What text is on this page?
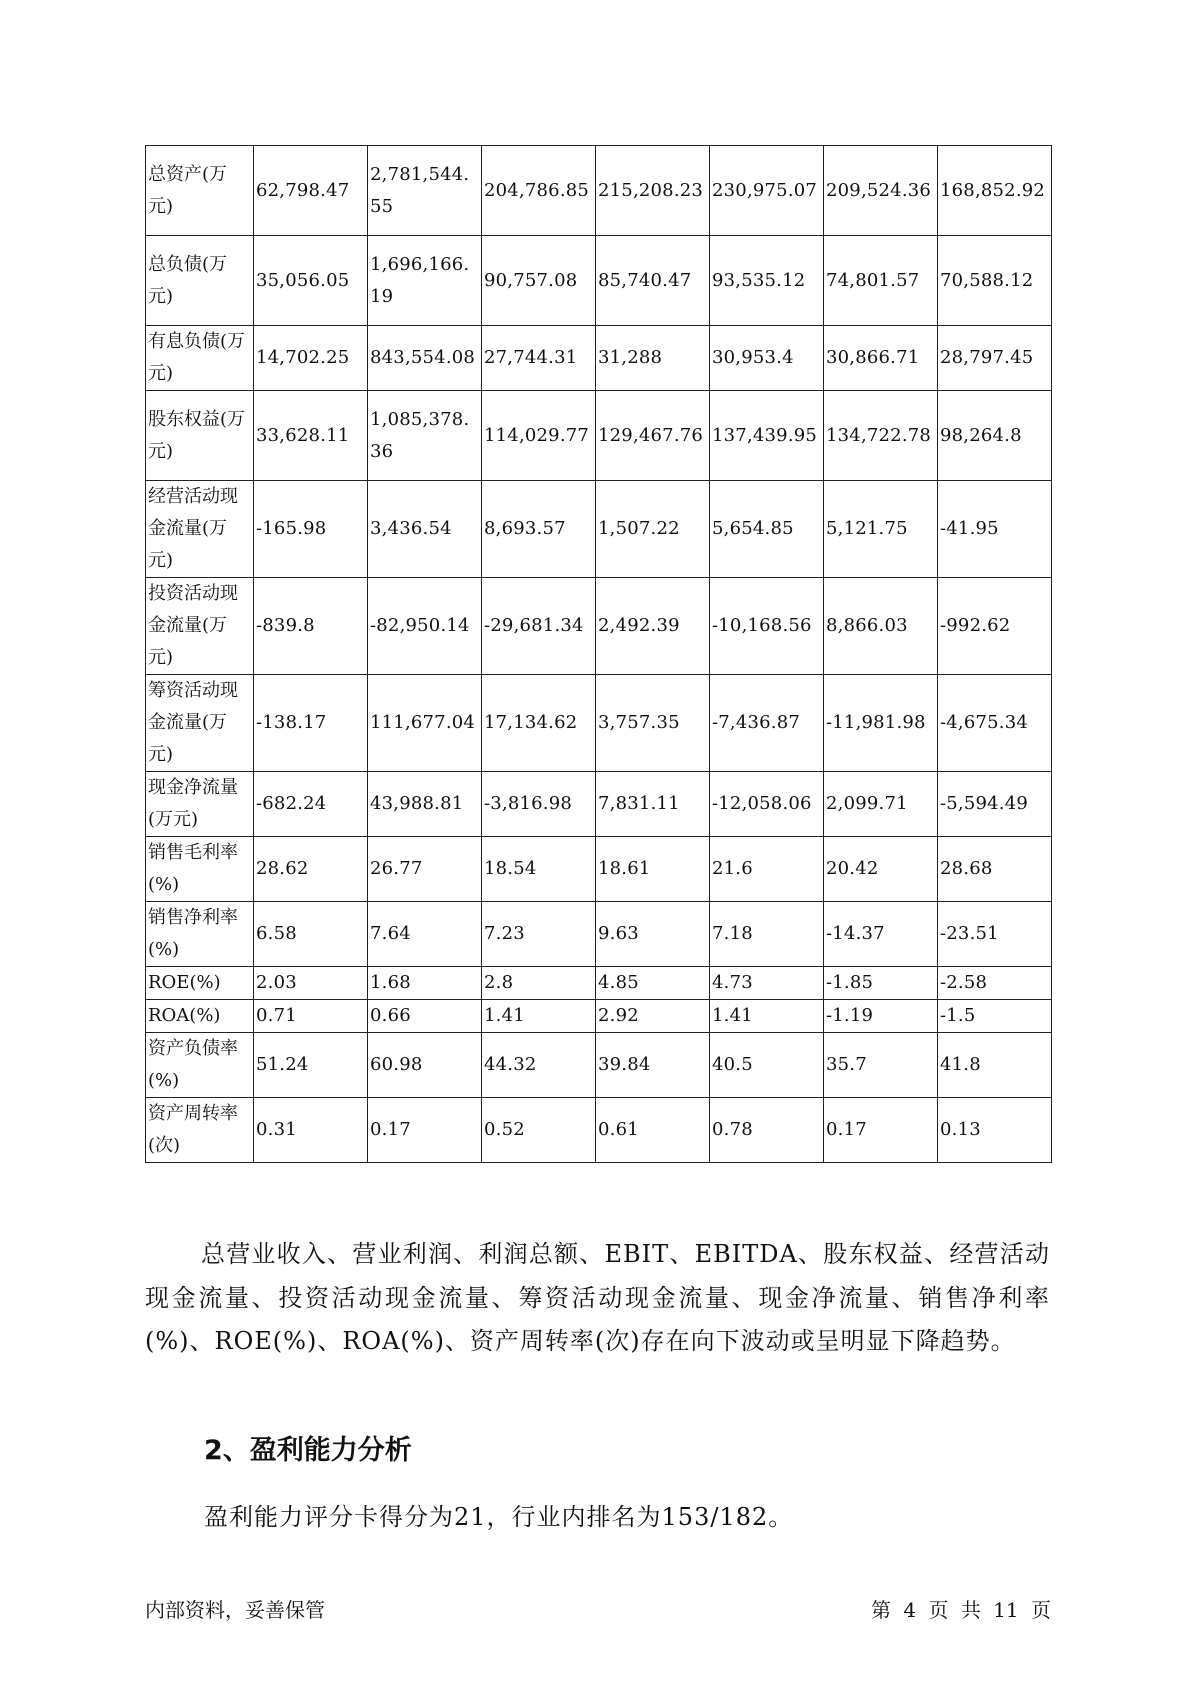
总资产(万元)	62,798.47	2,781,544.55	204,786.85	215,208.23	230,975.07	209,524.36	168,852.92
总负债(万元)	35,056.05	1,696,166.19	90,757.08	85,740.47	93,535.12	74,801.57	70,588.12
有息负债(万元)	14,702.25	843,554.08	27,744.31	31,288	30,953.4	30,866.71	28,797.45
股东权益(万元)	33,628.11	1,085,378.36	114,029.77	129,467.76	137,439.95	134,722.78	98,264.8
经营活动现金流量(万元)	-165.98	3,436.54	8,693.57	1,507.22	5,654.85	5,121.75	-41.95
投资活动现金流量(万元)	-839.8	-82,950.14	-29,681.34	2,492.39	-10,168.56	8,866.03	-992.62
筹资活动现金流量(万元)	-138.17	111,677.04	17,134.62	3,757.35	-7,436.87	-11,981.98	-4,675.34
现金净流量(万元)	-682.24	43,988.81	-3,816.98	7,831.11	-12,058.06	2,099.71	-5,594.49
销售毛利率(%)	28.62	26.77	18.54	18.61	21.6	20.42	28.68
销售净利率(%)	6.58	7.64	7.23	9.63	7.18	-14.37	-23.51
ROE(%)	2.03	1.68	2.8	4.85	4.73	-1.85	-2.58
ROA(%)	0.71	0.66	1.41	2.92	1.41	-1.19	-1.5
资产负债率(%)	51.24	60.98	44.32	39.84	40.5	35.7	41.8
资产周转率(次)	0.31	0.17	0.52	0.61	0.78	0.17	0.13
总营业收入、营业利润、利润总额、EBIT、EBITDA、股东权益、经营活动现金流量、投资活动现金流量、筹资活动现金流量、现金净流量、销售净利率(%)、ROE(%)、ROA(%)、资产周转率(次)存在向下波动或呈明显下降趋势。
2、盈利能力分析
盈利能力评分卡得分为21，行业内排名为153/182。
内部资料，妥善保管	第 4 页 共 11 页
